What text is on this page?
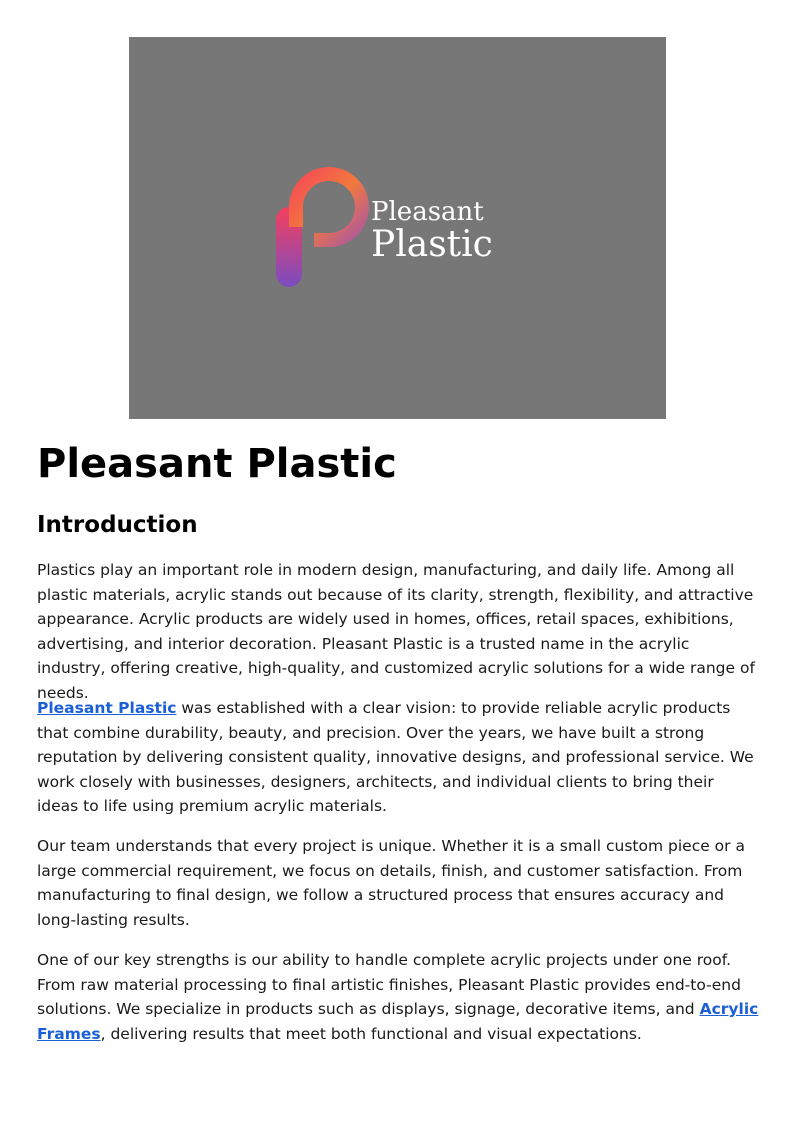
Pleasant
Plastic
Pleasant Plastic
Introduction

Plastics play an important role in modern design, manufacturing, and daily life. Among all plastic materials, acrylic stands out because of its clarity, strength, flexibility, and attractive appearance. Acrylic products are widely used in homes, offices, retail spaces, exhibitions, advertising, and interior decoration. Pleasant Plastic is a trusted name in the acrylic industry, offering creative, high-quality, and customized acrylic solutions for a wide range of needs.

Pleasant Plastic was established with a clear vision: to provide reliable acrylic products that combine durability, beauty, and precision. Over the years, we have built a strong reputation by delivering consistent quality, innovative designs, and professional service. We work closely with businesses, designers, architects, and individual clients to bring their ideas to life using premium acrylic materials.

Our team understands that every project is unique. Whether it is a small custom piece or a large commercial requirement, we focus on details, finish, and customer satisfaction. From manufacturing to final design, we follow a structured process that ensures accuracy and long-lasting results.

One of our key strengths is our ability to handle complete acrylic projects under one roof. From raw material processing to final artistic finishes, Pleasant Plastic provides end-to-end solutions. We specialize in products such as displays, signage, decorative items, and Acrylic Frames, delivering results that meet both functional and visual expectations.
